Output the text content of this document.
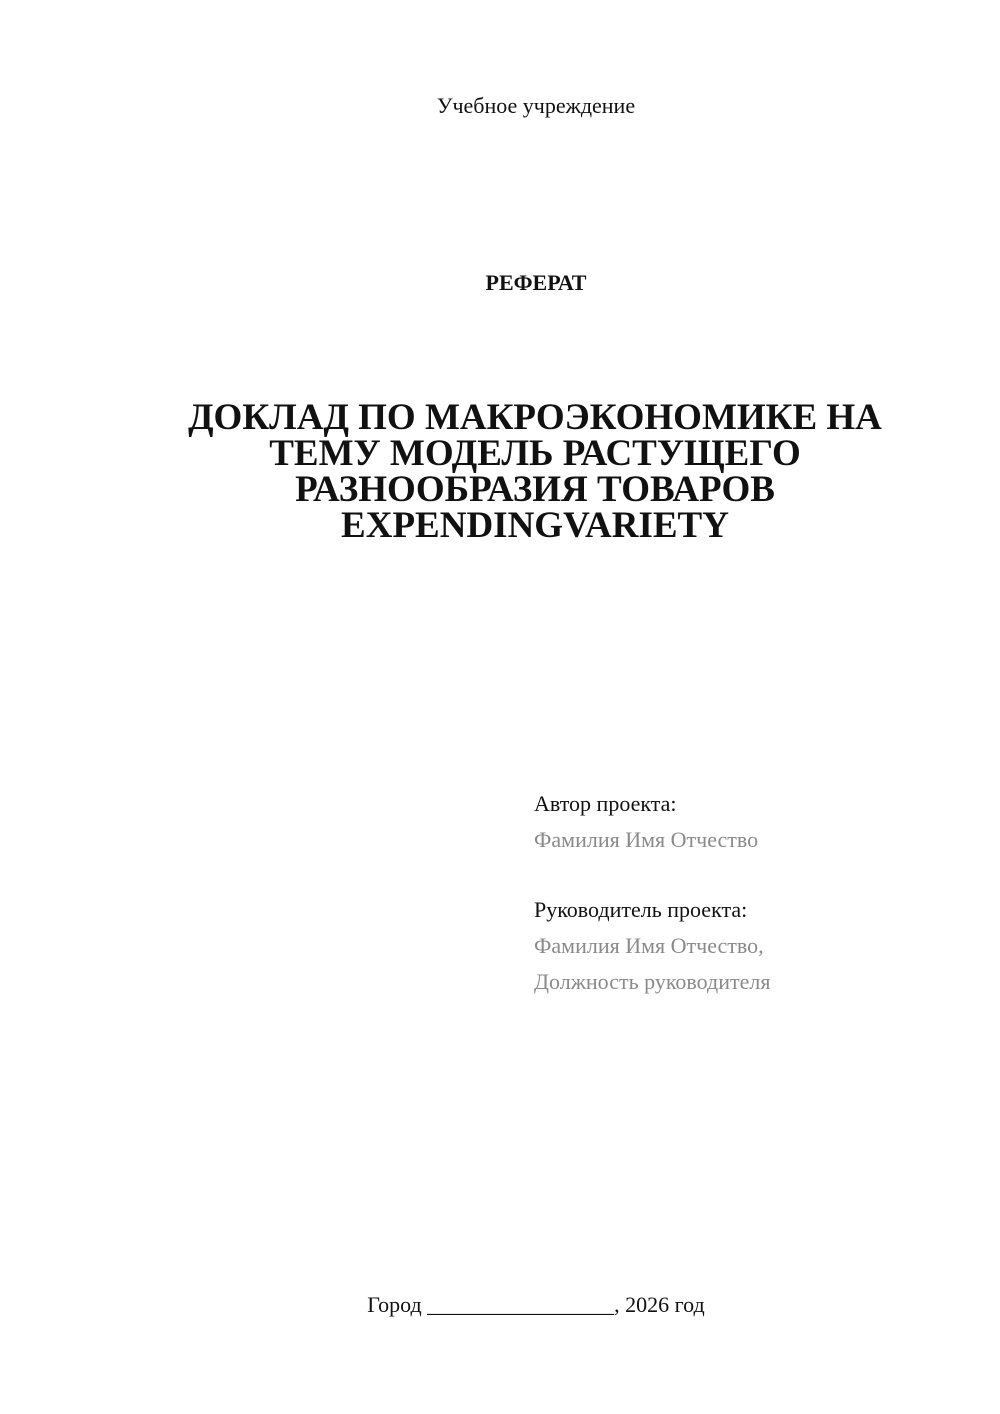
Учебное учреждение
РЕФЕРАТ
ДОКЛАД ПО МАКРОЭКОНОМИКЕ НА
ТЕМУ МОДЕЛЬ РАСТУЩЕГО
РАЗНООБРАЗИЯ ТОВАРОВ
EXPENDINGVARIETY
Автор проекта:
Фамилия Имя Отчество
Руководитель проекта:
Фамилия Имя Отчество,
Должность руководителя
Город _________________, 2026 год
